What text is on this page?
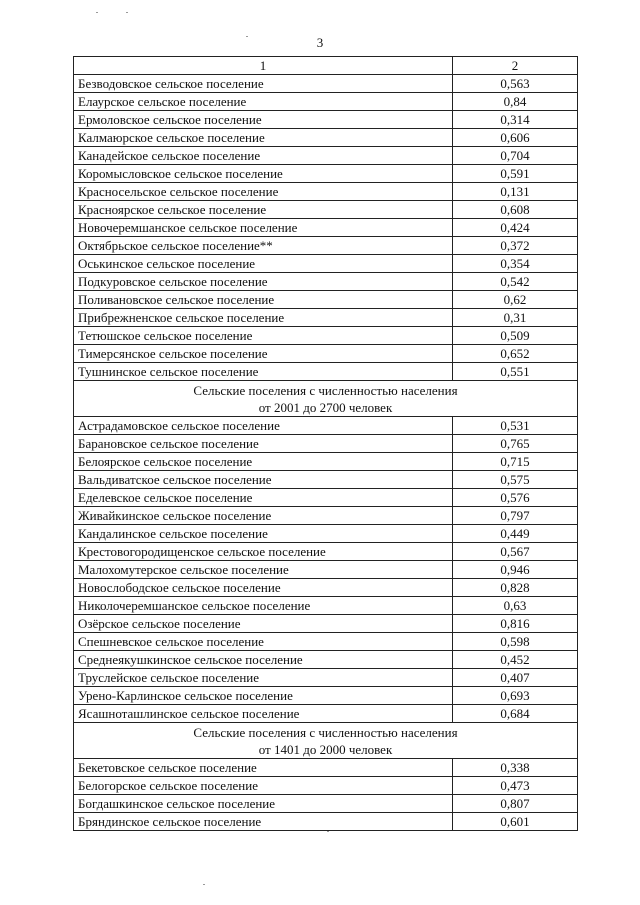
3
1	2
Безводовское сельское поселение	0,563
Елаурское сельское поселение	0,84
Ермоловское сельское поселение	0,314
Калмаюрское сельское поселение	0,606
Канадейское сельское поселение	0,704
Коромысловское сельское поселение	0,591
Красносельское сельское поселение	0,131
Красноярское сельское поселение	0,608
Новочеремшанское сельское поселение	0,424
Октябрьское сельское поселение**	0,372
Оськинское сельское поселение	0,354
Подкуровское сельское поселение	0,542
Поливановское сельское поселение	0,62
Прибрежненское сельское поселение	0,31
Тетюшское сельское поселение	0,509
Тимерсянское сельское поселение	0,652
Тушнинское сельское поселение	0,551

Сельские поселения с численностью населения
от 2001 до 2700 человек	

Астрадамовское сельское поселение	0,531
Барановское сельское поселение	0,765
Белоярское сельское поселение	0,715
Вальдиватское сельское поселение	0,575
Еделевское сельское поселение	0,576
Живайкинское сельское поселение	0,797
Кандалинское сельское поселение	0,449
Крестовогородищенское сельское поселение	0,567
Малохомутерское сельское поселение	0,946
Новослободское сельское поселение	0,828
Николочеремшанское сельское поселение	0,63
Озёрское сельское поселение	0,816
Спешневское сельское поселение	0,598
Среднеякушкинское сельское поселение	0,452
Труслейское сельское поселение	0,407
Урено-Карлинское сельское поселение	0,693
Ясашноташлинское сельское поселение	0,684

Сельские поселения с численностью населения
от 1401 до 2000 человек	

Бекетовское сельское поселение	0,338
Белогорское сельское поселение	0,473
Богдашкинское сельское поселение	0,807
Бряндинское сельское поселение	0,601
